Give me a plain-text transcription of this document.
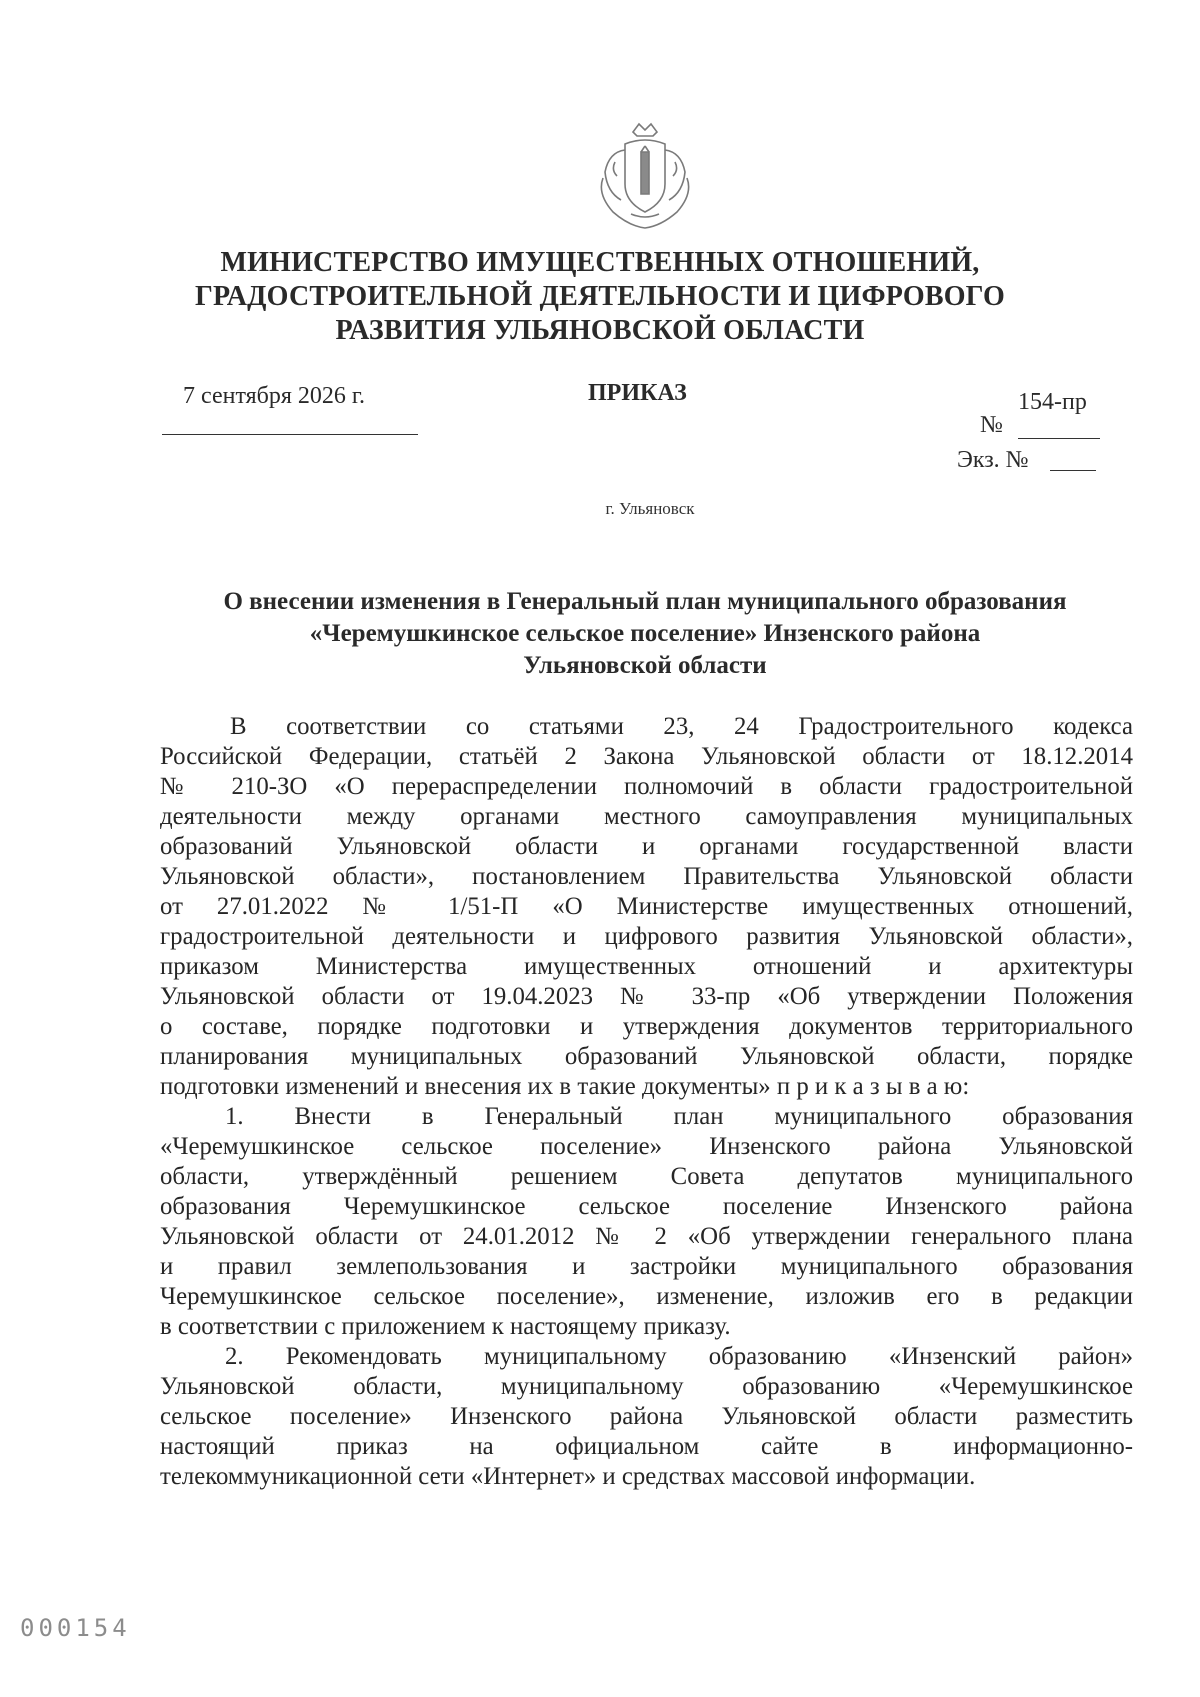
МИНИСТЕРСТВО ИМУЩЕСТВЕННЫХ ОТНОШЕНИЙ,
ГРАДОСТРОИТЕЛЬНОЙ ДЕЯТЕЛЬНОСТИ И ЦИФРОВОГО
РАЗВИТИЯ УЛЬЯНОВСКОЙ ОБЛАСТИ
7 сентября 2026 г.	ПРИКАЗ	154-пр
№
Экз. №
г. Ульяновск
О внесении изменения в Генеральный план муниципального образования
«Черемушкинское сельское поселение» Инзенского района
Ульяновской области
В соответствии со статьями 23, 24 Градостроительного кодекса
Российской Федерации, статьёй 2 Закона Ульяновской области от 18.12.2014
№ 210-ЗО «О перераспределении полномочий в области градостроительной
деятельности между органами местного самоуправления муниципальных
образований Ульяновской области и органами государственной власти
Ульяновской области», постановлением Правительства Ульяновской области
от 27.01.2022 № 1/51-П «О Министерстве имущественных отношений,
градостроительной деятельности и цифрового развития Ульяновской области»,
приказом Министерства имущественных отношений и архитектуры
Ульяновской области от 19.04.2023 № 33-пр «Об утверждении Положения
о составе, порядке подготовки и утверждения документов территориального
планирования муниципальных образований Ульяновской области, порядке
подготовки изменений и внесения их в такие документы» п р и к а з ы в а ю:
1. Внести в Генеральный план муниципального образования
«Черемушкинское сельское поселение» Инзенского района Ульяновской
области, утверждённый решением Совета депутатов муниципального
образования Черемушкинское сельское поселение Инзенского района
Ульяновской области от 24.01.2012 № 2 «Об утверждении генерального плана
и правил землепользования и застройки муниципального образования
Черемушкинское сельское поселение», изменение, изложив его в редакции
в соответствии с приложением к настоящему приказу.
2. Рекомендовать муниципальному образованию «Инзенский район»
Ульяновской области, муниципальному образованию «Черемушкинское
сельское поселение» Инзенского района Ульяновской области разместить
настоящий приказ на официальном сайте в информационно-
телекоммуникационной сети «Интернет» и средствах массовой информации.
000154
